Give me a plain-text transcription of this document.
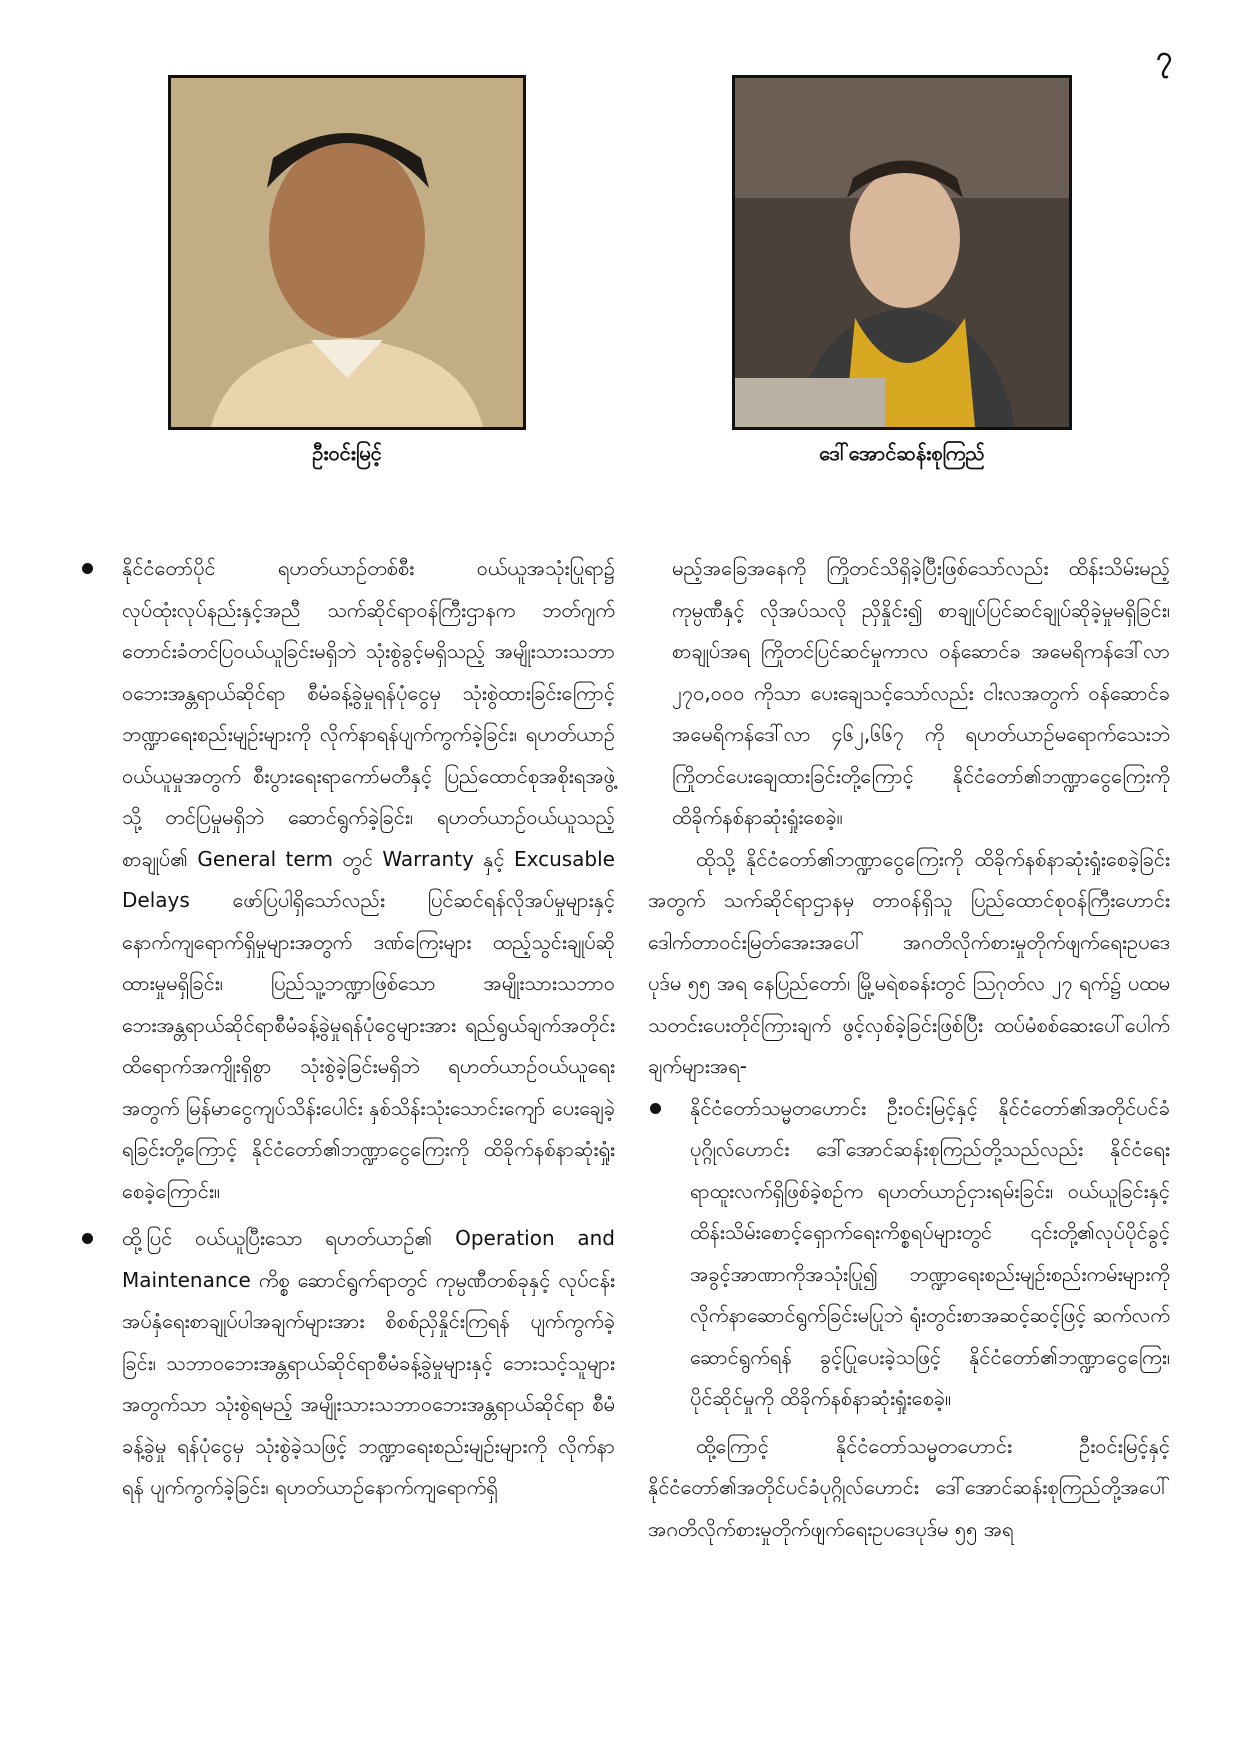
၇
ဦးဝင်းမြင့်	ဒေါ်အောင်ဆန်းစုကြည်

နိုင်ငံတော်ပိုင် ရဟတ်ယာဉ်တစ်စီး ဝယ်ယူအသုံးပြုရာ၌ လုပ်ထုံးလုပ်နည်းနှင့်အညီ သက်ဆိုင်ရာဝန်ကြီးဌာနက ဘတ်ဂျက်တောင်းခံတင်ပြဝယ်ယူခြင်းမရှိဘဲ သုံးစွဲခွင့်မရှိသည့် အမျိုးသားသဘာဝဘေးအန္တရာယ်ဆိုင်ရာ စီမံခန့်ခွဲမှုရန်ပုံငွေမှ သုံးစွဲထားခြင်းကြောင့် ဘဏ္ဍာရေးစည်းမျဉ်းများကို လိုက်နာရန်ပျက်ကွက်ခဲ့ခြင်း၊ ရဟတ်ယာဉ် ဝယ်ယူမှုအတွက် စီးပွားရေးရာကော်မတီနှင့် ပြည်ထောင်စုအစိုးရအဖွဲ့သို့ တင်ပြမှုမရှိဘဲ ဆောင်ရွက်ခဲ့ခြင်း၊ ရဟတ်ယာဉ်ဝယ်ယူသည့် စာချုပ်၏ General term တွင် Warranty နှင့် Excusable Delays ဖော်ပြပါရှိသော်လည်း ပြင်ဆင်ရန်လိုအပ်မှုများနှင့် နောက်ကျရောက်ရှိမှုများအတွက် ဒဏ်ကြေးများ ထည့်သွင်းချုပ်ဆိုထားမှုမရှိခြင်း၊ ပြည်သူ့ဘဏ္ဍာဖြစ်သော အမျိုးသားသဘာဝဘေးအန္တရာယ်ဆိုင်ရာစီမံခန့်ခွဲမှုရန်ပုံငွေများအား ရည်ရွယ်ချက်အတိုင်း ထိရောက်အကျိုးရှိစွာ သုံးစွဲခဲ့ခြင်းမရှိဘဲ ရဟတ်ယာဉ်ဝယ်ယူရေးအတွက် မြန်မာငွေကျပ်သိန်းပေါင်း နှစ်သိန်းသုံးသောင်းကျော် ပေးချေခဲ့ရခြင်းတို့ကြောင့် နိုင်ငံတော်၏ဘဏ္ဍာငွေကြေးကို ထိခိုက်နစ်နာဆုံးရှုံးစေခဲ့ကြောင်း။

ထို့ပြင် ဝယ်ယူပြီးသော ရဟတ်ယာဉ်၏ Operation and Maintenance ကိစ္စ ဆောင်ရွက်ရာတွင် ကုမ္ပဏီတစ်ခုနှင့် လုပ်ငန်းအပ်နှံရေးစာချုပ်ပါအချက်များအား စိစစ်ညှိနှိုင်းကြရန် ပျက်ကွက်ခဲ့ခြင်း၊ သဘာဝဘေးအန္တရာယ်ဆိုင်ရာစီမံခန့်ခွဲမှုများနှင့် ဘေးသင့်သူများအတွက်သာ သုံးစွဲရမည့် အမျိုးသားသဘာဝဘေးအန္တရာယ်ဆိုင်ရာ စီမံခန့်ခွဲမှု ရန်ပုံငွေမှ သုံးစွဲခဲ့သဖြင့် ဘဏ္ဍာရေးစည်းမျဉ်းများကို လိုက်နာရန် ပျက်ကွက်ခဲ့ခြင်း၊ ရဟတ်ယာဉ်နောက်ကျရောက်ရှိ

မည့်အခြေအနေကို ကြိုတင်သိရှိခဲ့ပြီးဖြစ်သော်လည်း ထိန်းသိမ်းမည့်ကုမ္ပဏီနှင့် လိုအပ်သလို ညှိနှိုင်း၍ စာချုပ်ပြင်ဆင်ချုပ်ဆိုခဲ့မှုမရှိခြင်း၊ စာချုပ်အရ ကြိုတင်ပြင်ဆင်မှုကာလ ဝန်ဆောင်ခ အမေရိကန်ဒေါ်လာ ၂၇၀,၀၀၀ ကိုသာ ပေးချေသင့်သော်လည်း ငါးလအတွက် ဝန်ဆောင်ခ အမေရိကန်ဒေါ်လာ ၄၆၂,၆၆၇ ကို ရဟတ်ယာဉ်မရောက်သေးဘဲ ကြိုတင်ပေးချေထားခြင်းတို့ကြောင့် နိုင်ငံတော်၏ဘဏ္ဍာငွေကြေးကို ထိခိုက်နစ်နာဆုံးရှုံးစေခဲ့။

ထိုသို့ နိုင်ငံတော်၏ဘဏ္ဍာငွေကြေးကို ထိခိုက်နစ်နာဆုံးရှုံးစေခဲ့ခြင်းအတွက် သက်ဆိုင်ရာဌာနမှ တာဝန်ရှိသူ ပြည်ထောင်စုဝန်ကြီးဟောင်း ဒေါက်တာဝင်းမြတ်အေးအပေါ် အဂတိလိုက်စားမှုတိုက်ဖျက်ရေးဥပဒေပုဒ်မ ၅၅ အရ နေပြည်တော်၊ မြို့မရဲစခန်းတွင် ဩဂုတ်လ ၂၇ ရက်၌ ပထမသတင်းပေးတိုင်ကြားချက် ဖွင့်လှစ်ခဲ့ခြင်းဖြစ်ပြီး ထပ်မံစစ်ဆေးပေါ်ပေါက်ချက်များအရ-

နိုင်ငံတော်သမ္မတဟောင်း ဦးဝင်းမြင့်နှင့် နိုင်ငံတော်၏အတိုင်ပင်ခံပုဂ္ဂိုလ်ဟောင်း ဒေါ်အောင်ဆန်းစုကြည်တို့သည်လည်း နိုင်ငံရေးရာထူးလက်ရှိဖြစ်ခဲ့စဉ်က ရဟတ်ယာဉ်ငှားရမ်းခြင်း၊ ဝယ်ယူခြင်းနှင့် ထိန်းသိမ်းစောင့်ရှောက်ရေးကိစ္စရပ်များတွင် ၎င်းတို့၏လုပ်ပိုင်ခွင့် အခွင့်အာဏာကိုအသုံးပြု၍ ဘဏ္ဍာရေးစည်းမျဉ်းစည်းကမ်းများကို လိုက်နာဆောင်ရွက်ခြင်းမပြုဘဲ ရုံးတွင်းစာအဆင့်ဆင့်ဖြင့် ဆက်လက်ဆောင်ရွက်ရန် ခွင့်ပြုပေးခဲ့သဖြင့် နိုင်ငံတော်၏ဘဏ္ဍာငွေကြေး၊ ပိုင်ဆိုင်မှုကို ထိခိုက်နစ်နာဆုံးရှုံးစေခဲ့။

ထို့ကြောင့် နိုင်ငံတော်သမ္မတဟောင်း ဦးဝင်းမြင့်နှင့် နိုင်ငံတော်၏အတိုင်ပင်ခံပုဂ္ဂိုလ်ဟောင်း ဒေါ်အောင်ဆန်းစုကြည်တို့အပေါ် အဂတိလိုက်စားမှုတိုက်ဖျက်ရေးဥပဒေပုဒ်မ ၅၅ အရ
